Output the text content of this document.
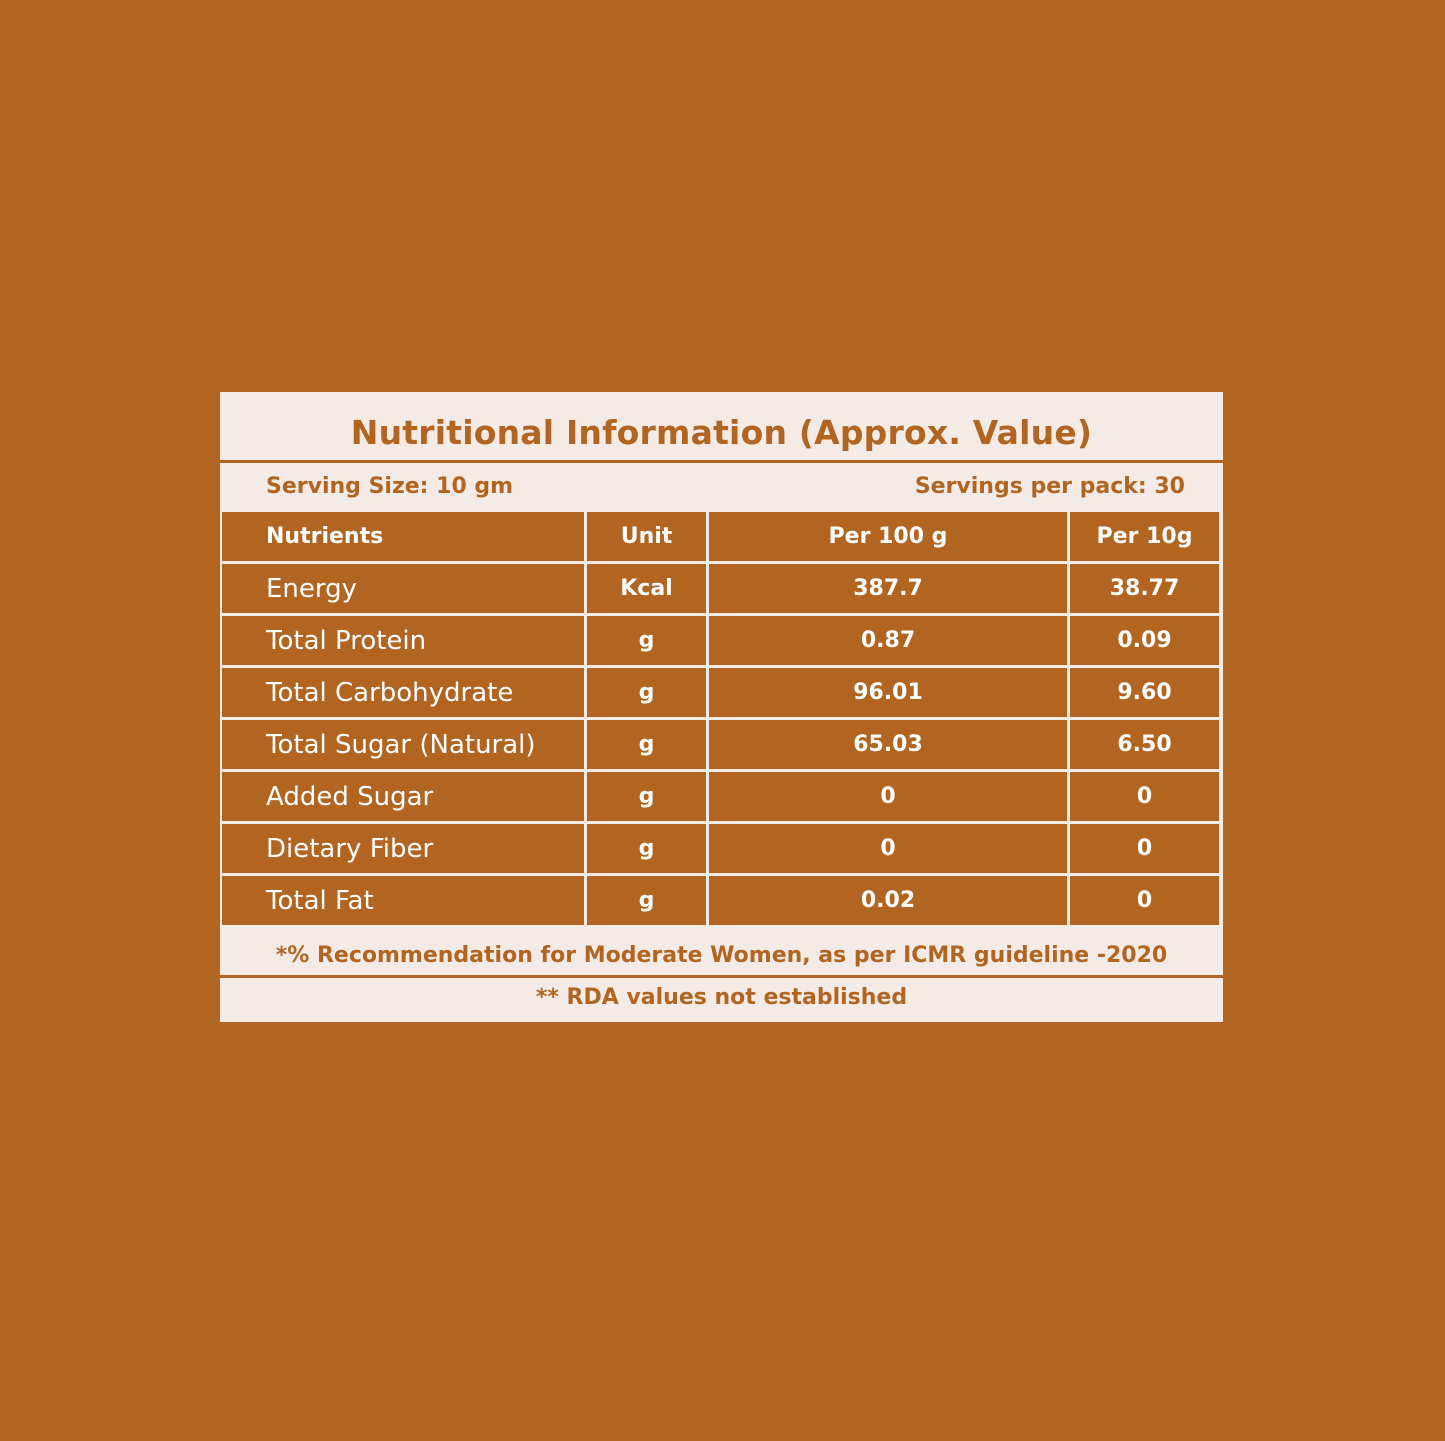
Nutritional Information (Approx. Value)
Serving Size: 10 gm	Servings per pack: 30
Nutrients	Unit	Per 100 g	Per 10g
Energy	Kcal	387.7	38.77
Total Protein	g	0.87	0.09
Total Carbohydrate	g	96.01	9.60
Total Sugar (Natural)	g	65.03	6.50
Added Sugar	g	0	0
Dietary Fiber	g	0	0
Total Fat	g	0.02	0
*% Recommendation for Moderate Women, as per ICMR guideline -2020
** RDA values not established
